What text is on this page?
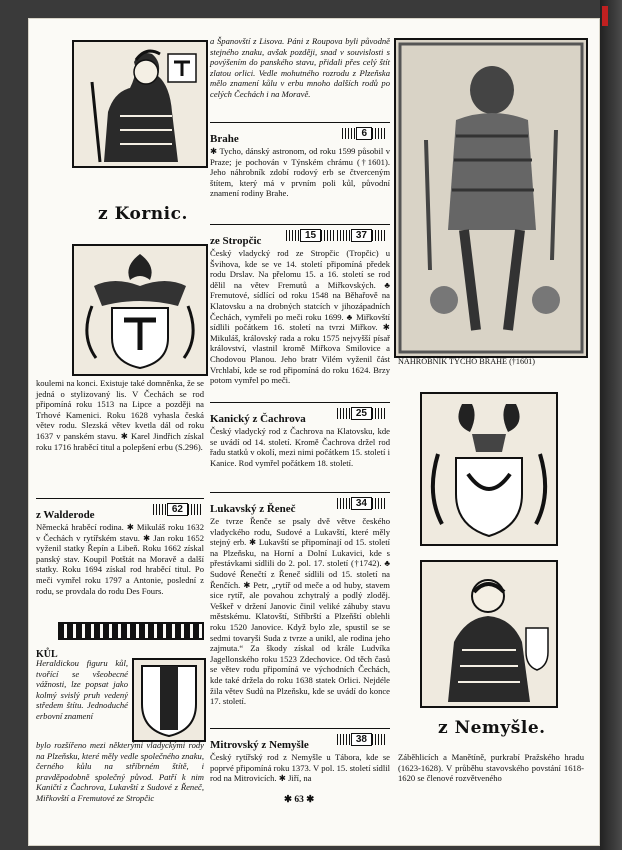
z Kornic.

koulemi na konci. Existuje také domněnka, že se jedná o stylizovaný lis. V Čechách se rod připomíná roku 1513 na Lipce a později na Trhové Kamenici. Roku 1628 vyhasla česká větev rodu. Slezská větev kvetla dál od roku 1637 v panském stavu. ✱ Karel Jindřich získal roku 1716 hraběcí titul a polepšení erbu (S.296).

z Walderode	62

Německá hraběcí rodina. ✱ Mikuláš roku 1632 v Čechách v rytířském stavu. ✱ Jan roku 1652 vyženil statky Řepín a Libeň. Roku 1662 získal panský stav. Koupil Potštát na Moravě a další statky. Roku 1694 získal rod hraběcí titul. Po meči vymřel roku 1797 a Antonie, poslední z rodu, se provdala do rodu Des Fours.

KŮL

Heraldickou figuru kůl, tvořící se všeobecné vážnosti, lze popsat jako kolmý svislý pruh vedený středem štítu. Jednoduché erbovní znamení

bylo rozšířeno mezi některými vladyckými rody na Plzeňsku, které měly vedle společného znaku, černého kůlu na stříbrném štítě, i pravděpodobně společný původ. Patří k nim Kaničtí z Čachrova, Lukavští z Sudové z Řeneč, Miřkovští a Fremutové ze Stropčic

a Španovští z Lisova. Páni z Roupova byli původně stejného znaku, avšak později, snad v souvislosti s povýšením do panského stavu, přidali přes celý štít zlatou orlici. Vedle mohutného rozrodu z Plzeňska mělo znamení kůlu v erbu mnoho dalších rodů po celých Čechách i na Moravě.

Brahe	6

✱ Tycho, dánský astronom, od roku 1599 působil v Praze; je pochován v Týnském chrámu (†1601). Jeho náhrobník zdobí rodový erb se čtverceným štítem, který má v prvním poli kůl, původní znamení rodiny Brahe.

ze Stropčic	15	37

Český vladycký rod ze Stropčic (Tropčic) u Švihova, kde se ve 14. století připomíná předek rodu Drslav. Na přelomu 15. a 16. století se rod dělil na větev Fremutů a Miřkovských. ♣ Fremutové, sídlící od roku 1548 na Běhařově na Klatovsku a na drobných statcích v jihozápadních Čechách, vymřeli po meči roku 1699. ♣ Miřkovští sídlili počátkem 16. století na tvrzi Miřkov. ✱ Mikuláš, královský rada a roku 1575 nejvyšší písař království, vlastnil kromě Miřkova Smilovice a Chodovou Planou. Jeho bratr Vilém vyženil část Vrchlabí, kde se rod připomíná do roku 1624. Brzy potom vymřel po meči.

Kanický z Čachrova	25

Český vladycký rod z Čachrova na Klatovsku, kde se uvádí od 14. století. Kromě Čachrova držel rod řadu statků v okolí, mezi nimi počátkem 15. století i Kanice. Rod vymřel počátkem 18. století.

Lukavský z Řeneč	34

Ze tvrze Řenče se psaly dvě větve českého vladyckého rodu, Sudové a Lukavští, které měly stejný erb. ✱ Lukavští se připomínají od 15. století na Plzeňsku, na Horní a Dolní Lukavici, kde s přestávkami sídlili do 2. pol. 17. století (†1742). ♣ Sudové Řenečtí z Řeneč sídlili od 15. století na Řenčích. ✱ Petr, „rytíř od meče a od huby, stavem sice rytíř, ale povahou zchytralý a podlý zloděj. Veškeř v držení Janovic činil veliké záhuby stavu městskému. Klatovští, Stříbrští a Plzeňští oblehli roku 1520 Janovice. Když bylo zle, spustil se se sedmi tovaryši Suda z tvrze a unikl, ale rodina jeho zajmuta.“ Za škody získal od krále Ludvíka Jagellonského roku 1523 Zdechovice. Od těch časů se větev rodu připomíná ve východních Čechách, kde také držela do roku 1638 statek Orlici. Nejdéle žila větev Sudů na Plzeňsku, kde se uvádí do konce 17. století.

Mitrovský z Nemyšle	38

Český rytířský rod z Nemyšle u Tábora, kde se poprvé připomíná roku 1373. V pol. 15. století sídlil rod na Mitrovicích. ✱ Jiří, na

✱ 63 ✱
NÁHROBNÍK TYCHO BRAHE (†1601)
z Nemyšle.

Záběhlicích a Manětíně, purkrabí Pražského hradu (1623-1628). V průběhu stavovského povstání 1618-1620 se členové rozvětveného
